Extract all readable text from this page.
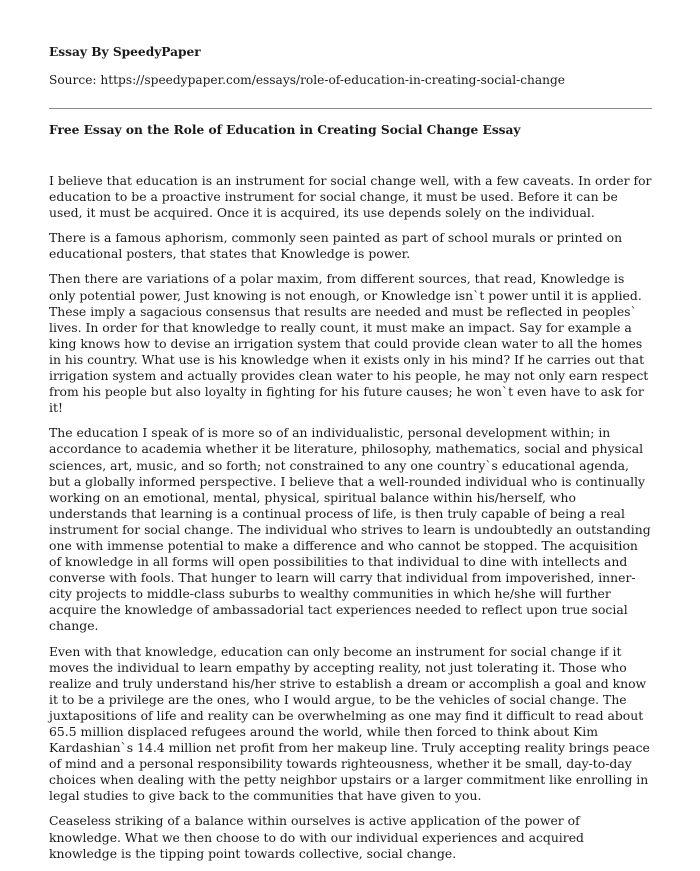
Essay By SpeedyPaper

Source: https://speedypaper.com/essays/role-of-education-in-creating-social-change

Free Essay on the Role of Education in Creating Social Change Essay

I believe that education is an instrument for social change well, with a few caveats. In order for education to be a proactive instrument for social change, it must be used. Before it can be used, it must be acquired. Once it is acquired, its use depends solely on the individual.

There is a famous aphorism, commonly seen painted as part of school murals or printed on educational posters, that states that Knowledge is power.

Then there are variations of a polar maxim, from different sources, that read, Knowledge is only potential power, Just knowing is not enough, or Knowledge isn`t power until it is applied. These imply a sagacious consensus that results are needed and must be reflected in peoples` lives. In order for that knowledge to really count, it must make an impact. Say for example a king knows how to devise an irrigation system that could provide clean water to all the homes in his country. What use is his knowledge when it exists only in his mind? If he carries out that irrigation system and actually provides clean water to his people, he may not only earn respect from his people but also loyalty in fighting for his future causes; he won`t even have to ask for it!

The education I speak of is more so of an individualistic, personal development within; in accordance to academia whether it be literature, philosophy, mathematics, social and physical sciences, art, music, and so forth; not constrained to any one country`s educational agenda, but a globally informed perspective. I believe that a well-rounded individual who is continually working on an emotional, mental, physical, spiritual balance within his/herself, who understands that learning is a continual process of life, is then truly capable of being a real instrument for social change. The individual who strives to learn is undoubtedly an outstanding one with immense potential to make a difference and who cannot be stopped. The acquisition of knowledge in all forms will open possibilities to that individual to dine with intellects and converse with fools. That hunger to learn will carry that individual from impoverished, inner-city projects to middle-class suburbs to wealthy communities in which he/she will further acquire the knowledge of ambassadorial tact experiences needed to reflect upon true social change.

Even with that knowledge, education can only become an instrument for social change if it moves the individual to learn empathy by accepting reality, not just tolerating it. Those who realize and truly understand his/her strive to establish a dream or accomplish a goal and know it to be a privilege are the ones, who I would argue, to be the vehicles of social change. The juxtapositions of life and reality can be overwhelming as one may find it difficult to read about 65.5 million displaced refugees around the world, while then forced to think about Kim Kardashian`s 14.4 million net profit from her makeup line. Truly accepting reality brings peace of mind and a personal responsibility towards righteousness, whether it be small, day-to-day choices when dealing with the petty neighbor upstairs or a larger commitment like enrolling in legal studies to give back to the communities that have given to you.

Ceaseless striking of a balance within ourselves is active application of the power of knowledge. What we then choose to do with our individual experiences and acquired knowledge is the tipping point towards collective, social change.
